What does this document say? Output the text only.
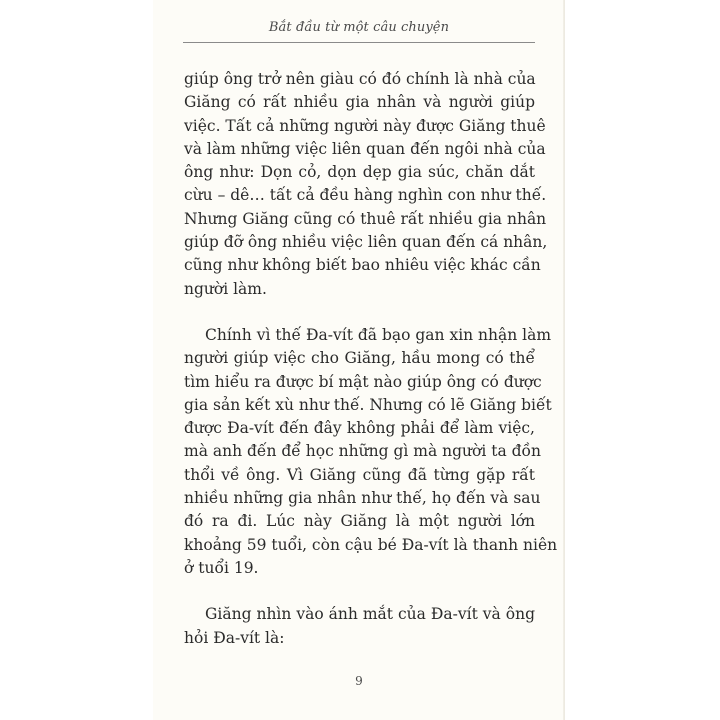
Bắt đầu từ một câu chuyện
giúp ông trở nên giàu có đó chính là nhà của
Giăng có rất nhiều gia nhân và người giúp
việc. Tất cả những người này được Giăng thuê
và làm những việc liên quan đến ngôi nhà của
ông như: Dọn cỏ, dọn dẹp gia súc, chăn dắt
cừu – dê… tất cả đều hàng nghìn con như thế.
Nhưng Giăng cũng có thuê rất nhiều gia nhân
giúp đỡ ông nhiều việc liên quan đến cá nhân,
cũng như không biết bao nhiêu việc khác cần
người làm.
Chính vì thế Đa-vít đã bạo gan xin nhận làm
người giúp việc cho Giăng, hầu mong có thể
tìm hiểu ra được bí mật nào giúp ông có được
gia sản kết xù như thế. Nhưng có lẽ Giăng biết
được Đa-vít đến đây không phải để làm việc,
mà anh đến để học những gì mà người ta đồn
thổi về ông. Vì Giăng cũng đã từng gặp rất
nhiều những gia nhân như thế, họ đến và sau
đó ra đi. Lúc này Giăng là một người lớn
khoảng 59 tuổi, còn cậu bé Đa-vít là thanh niên
ở tuổi 19.
Giăng nhìn vào ánh mắt của Đa-vít và ông
hỏi Đa-vít là:
9
